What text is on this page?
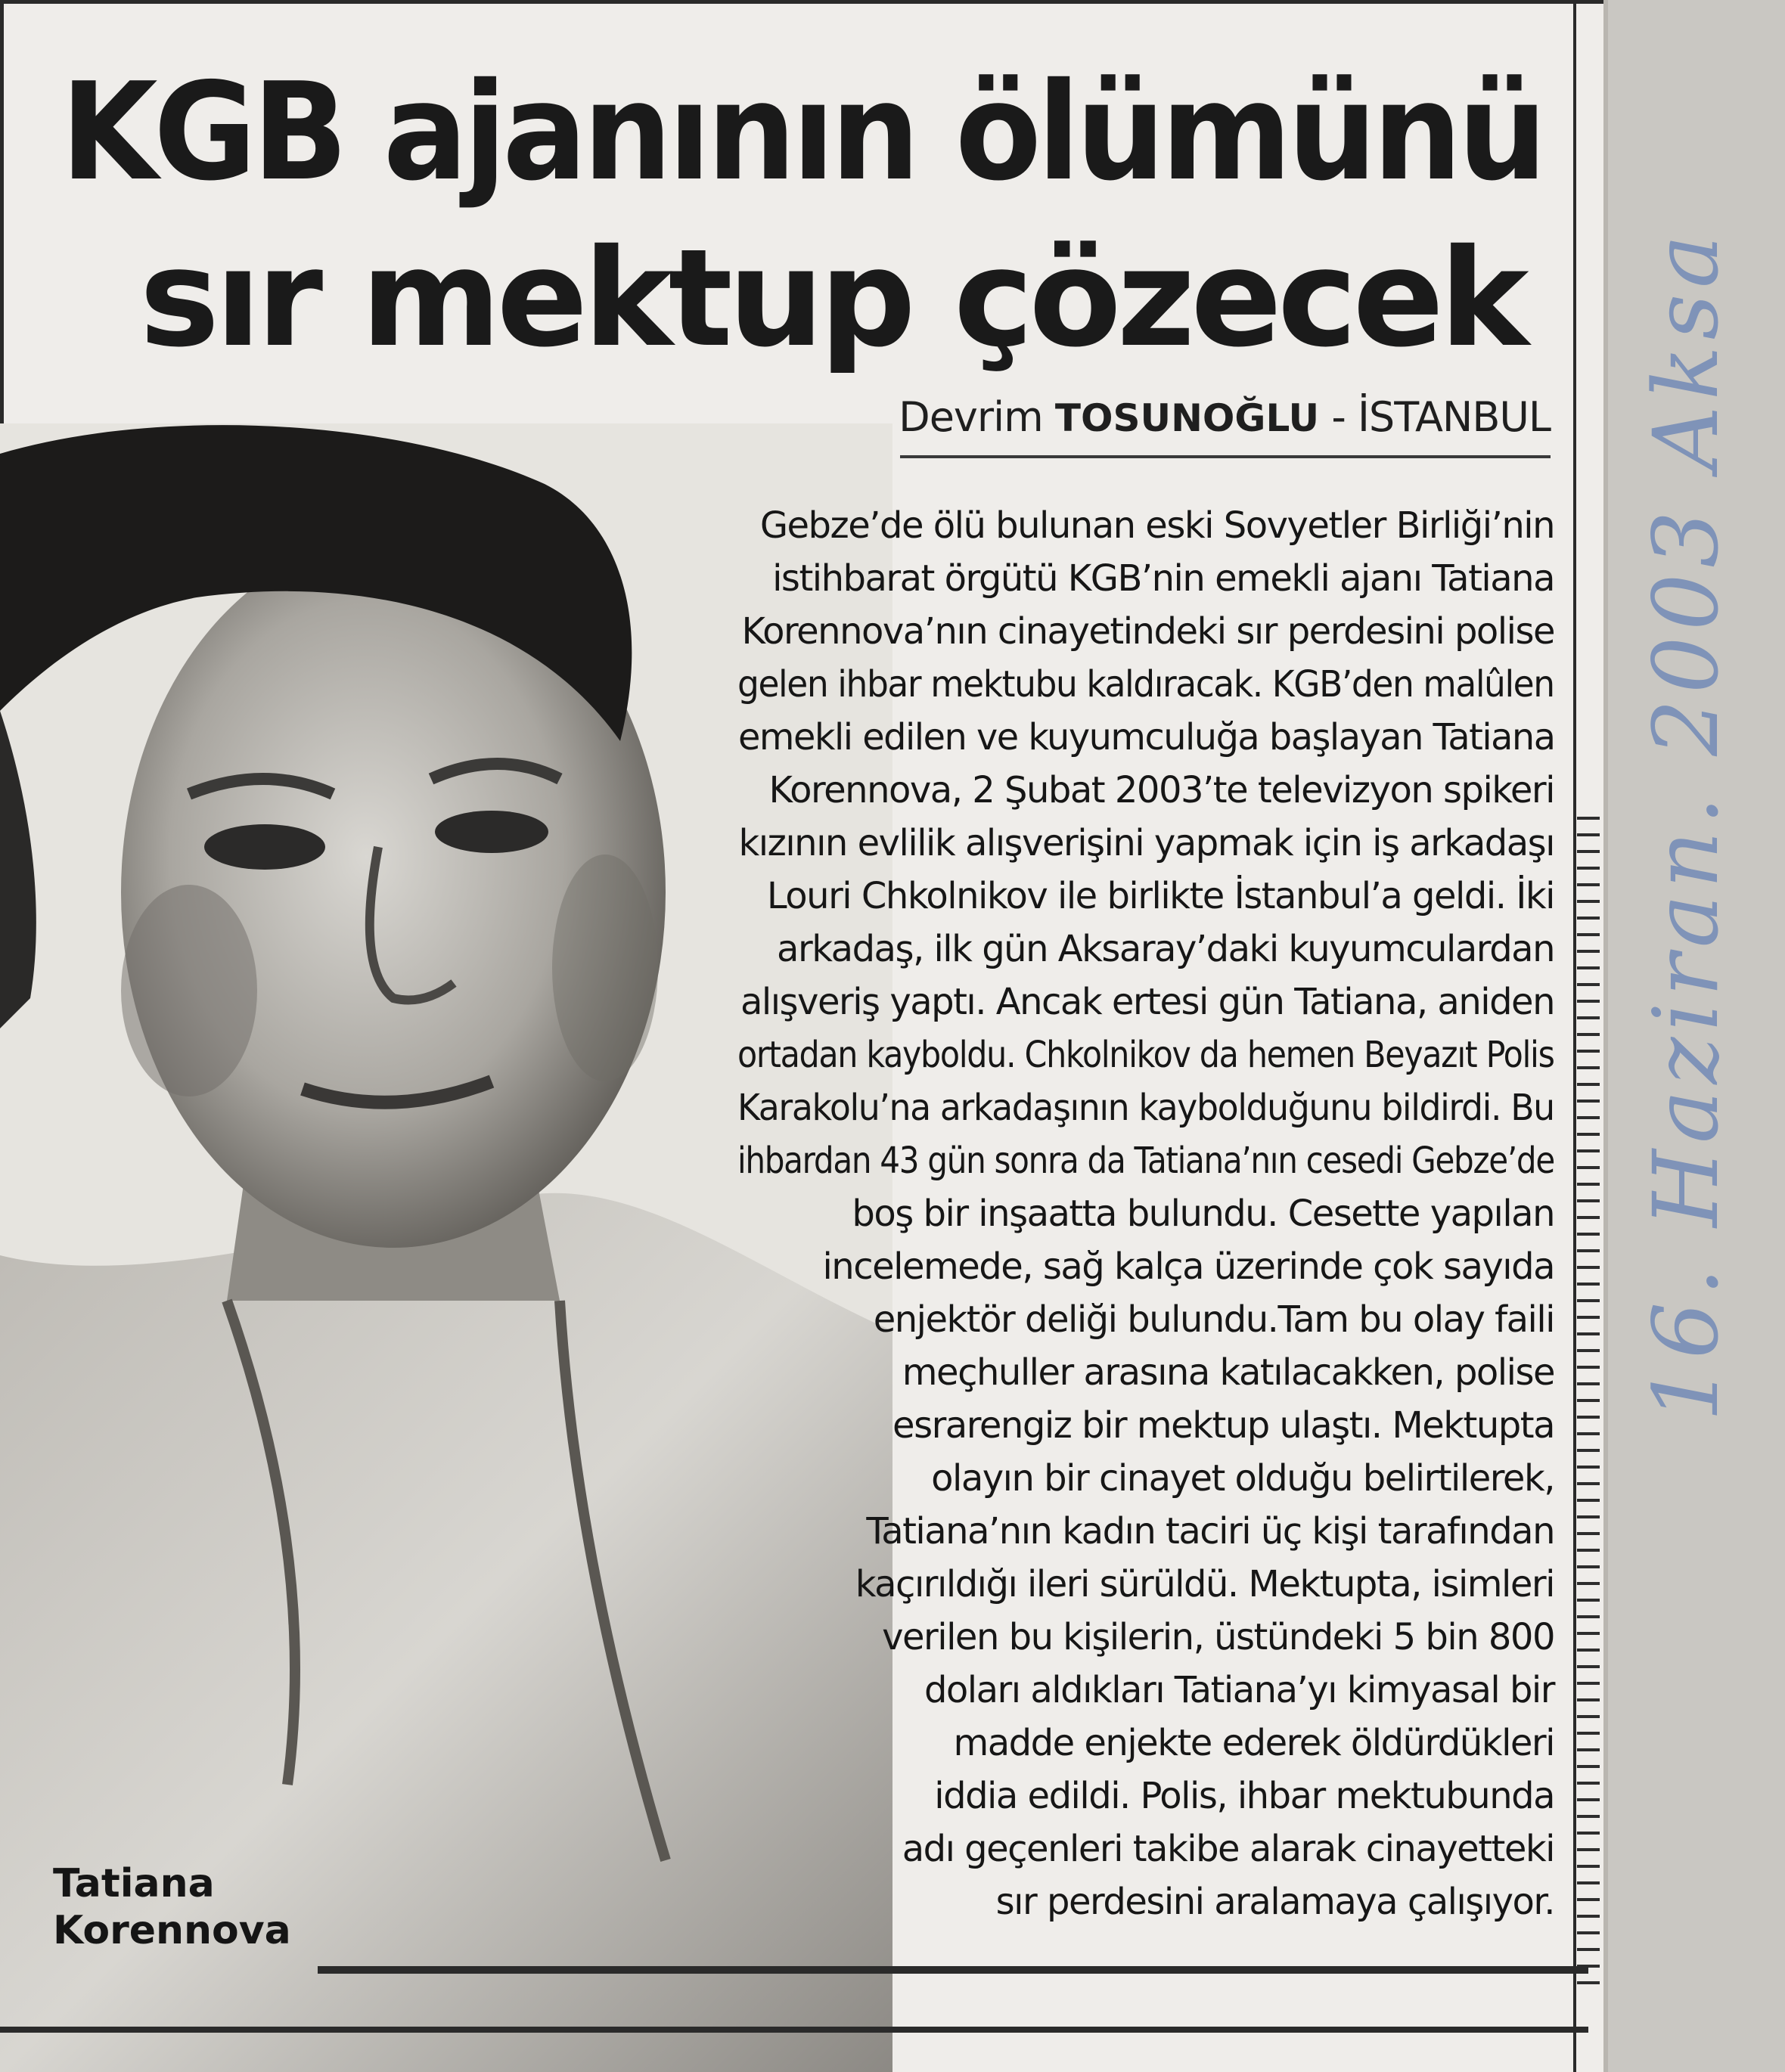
KGB ajanının ölümünü
sır mektup çözecek
Devrim TOSUNOĞLU - İSTANBUL
Tatiana
Korennova
Gebze’de ölü bulunan eski Sovyetler Birliği’nin
istihbarat örgütü KGB’nin emekli ajanı Tatiana
Korennova’nın cinayetindeki sır perdesini polise
gelen ihbar mektubu kaldıracak. KGB’den malûlen
emekli edilen ve kuyumculuğa başlayan Tatiana
Korennova, 2 Şubat 2003’te televizyon spikeri
kızının evlilik alışverişini yapmak için iş arkadaşı
Louri Chkolnikov ile birlikte İstanbul’a geldi. İki
arkadaş, ilk gün Aksaray’daki kuyumculardan
alışveriş yaptı. Ancak ertesi gün Tatiana, aniden
ortadan kayboldu. Chkolnikov da hemen Beyazıt Polis
Karakolu’na arkadaşının kaybolduğunu bildirdi. Bu
ihbardan 43 gün sonra da Tatiana’nın cesedi Gebze’de
boş bir inşaatta bulundu. Cesette yapılan
incelemede, sağ kalça üzerinde çok sayıda
enjektör deliği bulundu.Tam bu olay faili
meçhuller arasına katılacakken, polise
esrarengiz bir mektup ulaştı. Mektupta
olayın bir cinayet olduğu belirtilerek,
Tatiana’nın kadın taciri üç kişi tarafından
kaçırıldığı ileri sürüldü. Mektupta, isimleri
verilen bu kişilerin, üstündeki 5 bin 800
doları aldıkları Tatiana’yı kimyasal bir
madde enjekte ederek öldürdükleri
iddia edildi. Polis, ihbar mektubunda
adı geçenleri takibe alarak cinayetteki
sır perdesini aralamaya çalışıyor.
16. Haziran. 2003 Aksa
